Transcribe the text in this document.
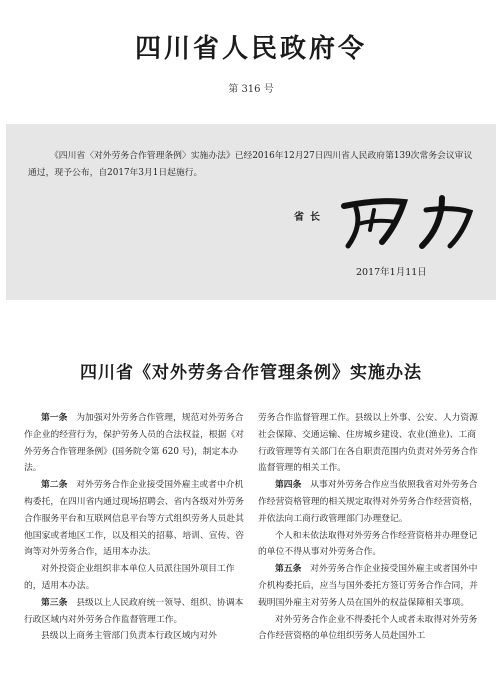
四川省人民政府令
第 316 号
《四川省〈对外劳务合作管理条例〉实施办法》已经2016年12月27日四川省人民政府第139次常务会议审议通过，现予公布，自2017年3月1日起施行。
省长
2017年1月11日
四川省《对外劳务合作管理条例》实施办法

第一条　 为加强对外劳务合作管理，规范对外劳务合作企业的经营行为，保护劳务人员的合法权益，根据《对外劳务合作管理条例》(国务院令第 620 号)，制定本办法。

第二条　 对外劳务合作企业接受国外雇主或者中介机构委托，在四川省内通过现场招聘会、省内各级对外劳务合作服务平台和互联网信息平台等方式组织劳务人员赴其他国家或者地区工作，以及相关的招募、培训、宣传、咨询等对外劳务合作，适用本办法。

对外投资企业组织非本单位人员派往国外项目工作的，适用本办法。

第三条　 县级以上人民政府统一领导、组织、协调本行政区域内对外劳务合作监督管理工作。

县级以上商务主管部门负责本行政区域内对外

劳务合作监督管理工作。县级以上外事、公安、人力资源社会保障、交通运输、住房城乡建设、农业(渔业)、工商行政管理等有关部门在各自职责范围内负责对外劳务合作监督管理的相关工作。

第四条　 从事对外劳务合作应当依照我省对外劳务合作经营资格管理的相关规定取得对外劳务合作经营资格，并依法向工商行政管理部门办理登记。

个人和未依法取得对外劳务合作经营资格并办理登记的单位不得从事对外劳务合作。

第五条　 对外劳务合作企业接受国外雇主或者国外中介机构委托后，应当与国外委托方签订劳务合作合同，并载明国外雇主对劳务人员在国外的权益保障相关事项。

对外劳务合作企业不得委托个人或者未取得对外劳务合作经营资格的单位组织劳务人员赴国外工
